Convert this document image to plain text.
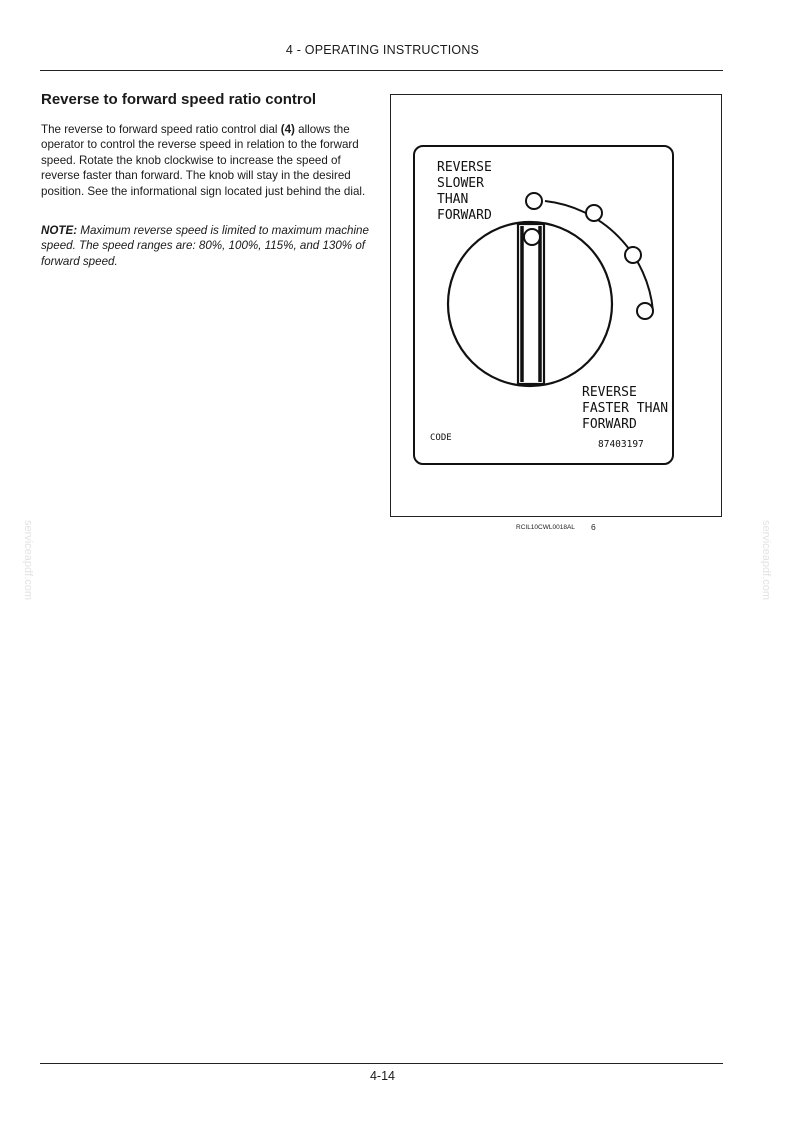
4 - OPERATING INSTRUCTIONS
Reverse to forward speed ratio control

The reverse to forward speed ratio control dial (4) allows the operator to control the reverse speed in relation to the forward speed. Rotate the knob clockwise to increase the speed of reverse faster than forward. The knob will stay in the desired position. See the informational sign located just behind the dial.

NOTE: Maximum reverse speed is limited to maximum machine speed. The speed ranges are: 80%, 100%, 115%, and 130% of forward speed.

REVERSE
SLOWER
THAN
FORWARD
REVERSE
FASTER THAN
FORWARD
CODE
87403197
RCIL10CWL0018AL 6
serviceapdf.com	serviceapdf.com
4-14
